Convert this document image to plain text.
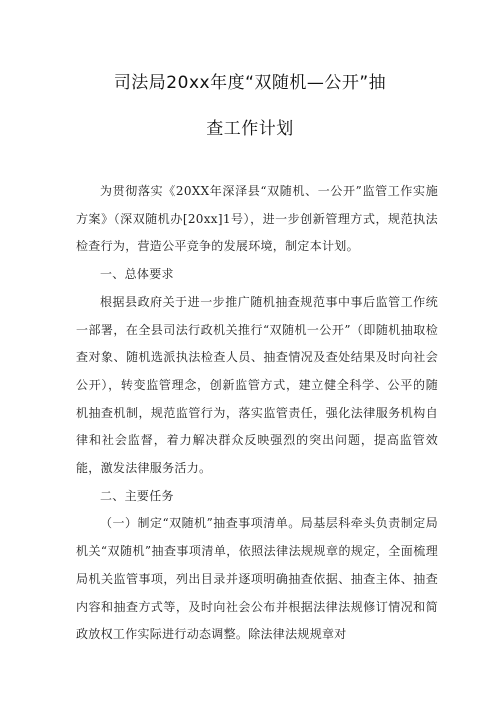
司法局20xx年度“双随机—公开”抽
查工作计划

为贯彻落实《20XX年深泽县“双随机、一公开”监管工作实施方案》（深双随机办[20xx]1号），进一步创新管理方式，规范执法检查行为，营造公平竞争的发展环境，制定本计划。

一、总体要求

根据县政府关于进一步推广随机抽查规范事中事后监管工作统一部署，在全县司法行政机关推行“双随机一公开”（即随机抽取检查对象、随机选派执法检查人员、抽查情况及查处结果及时向社会公开），转变监管理念，创新监管方式，建立健全科学、公平的随机抽查机制，规范监管行为，落实监管责任，强化法律服务机构自律和社会监督，着力解决群众反映强烈的突出问题，提高监管效能，激发法律服务活力。

二、主要任务

（一）制定“双随机”抽查事项清单。局基层科牵头负责制定局机关“双随机”抽查事项清单，依照法律法规规章的规定，全面梳理局机关监管事项，列出目录并逐项明确抽查依据、抽查主体、抽查内容和抽查方式等，及时向社会公布并根据法律法规修订情况和简政放权工作实际进行动态调整。除法律法规规章对
